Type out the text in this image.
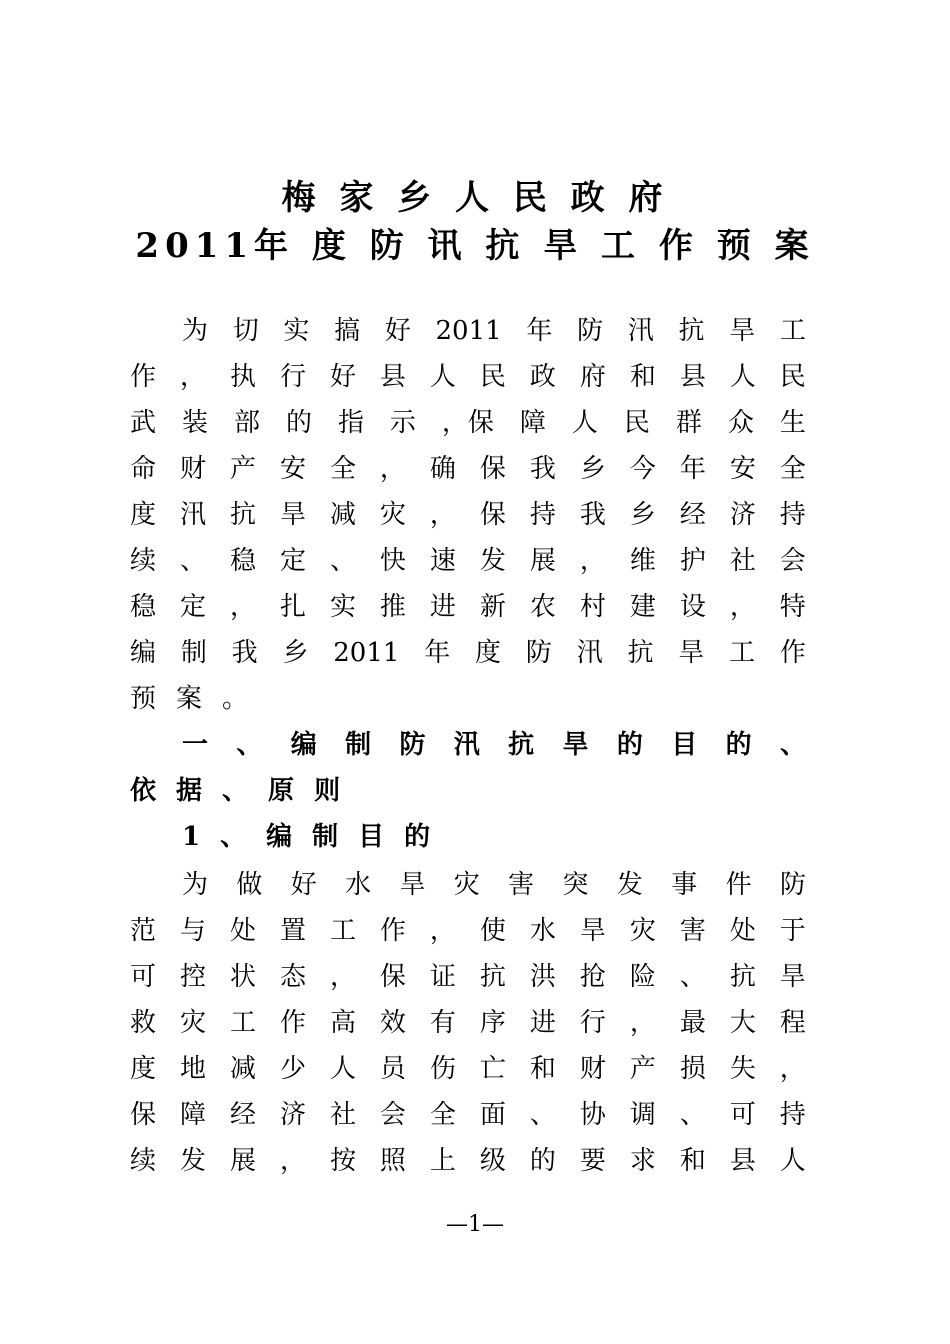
梅 家 乡 人 民 政 府
2011年 度 防 讯 抗 旱 工 作 预 案
为 切 实 搞 好 2011 年 防 汛 抗 旱 工
作 ， 执 行 好 县 人 民 政 府 和 县 人 民
武 装 部 的 指 示 ，保 障 人 民 群 众 生
命 财 产 安 全 ， 确 保 我 乡 今 年 安 全
度 汛 抗 旱 减 灾 ， 保 持 我 乡 经 济 持
续 、 稳 定 、 快 速 发 展 ， 维 护 社 会
稳 定 ， 扎 实 推 进 新 农 村 建 设 ， 特
编 制 我 乡 2011 年 度 防 汛 抗 旱 工 作
预 案 。
一 、 编 制 防 汛 抗 旱 的 目 的 、
依 据 、 原 则
1 、 编 制 目 的
为 做 好 水 旱 灾 害 突 发 事 件 防
范 与 处 置 工 作 ， 使 水 旱 灾 害 处 于
可 控 状 态 ， 保 证 抗 洪 抢 险 、 抗 旱
救 灾 工 作 高 效 有 序 进 行 ， 最 大 程
度 地 减 少 人 员 伤 亡 和 财 产 损 失 ，
保 障 经 济 社 会 全 面 、 协 调 、 可 持
续 发 展 ， 按 照 上 级 的 要 求 和 县 人
—1—
